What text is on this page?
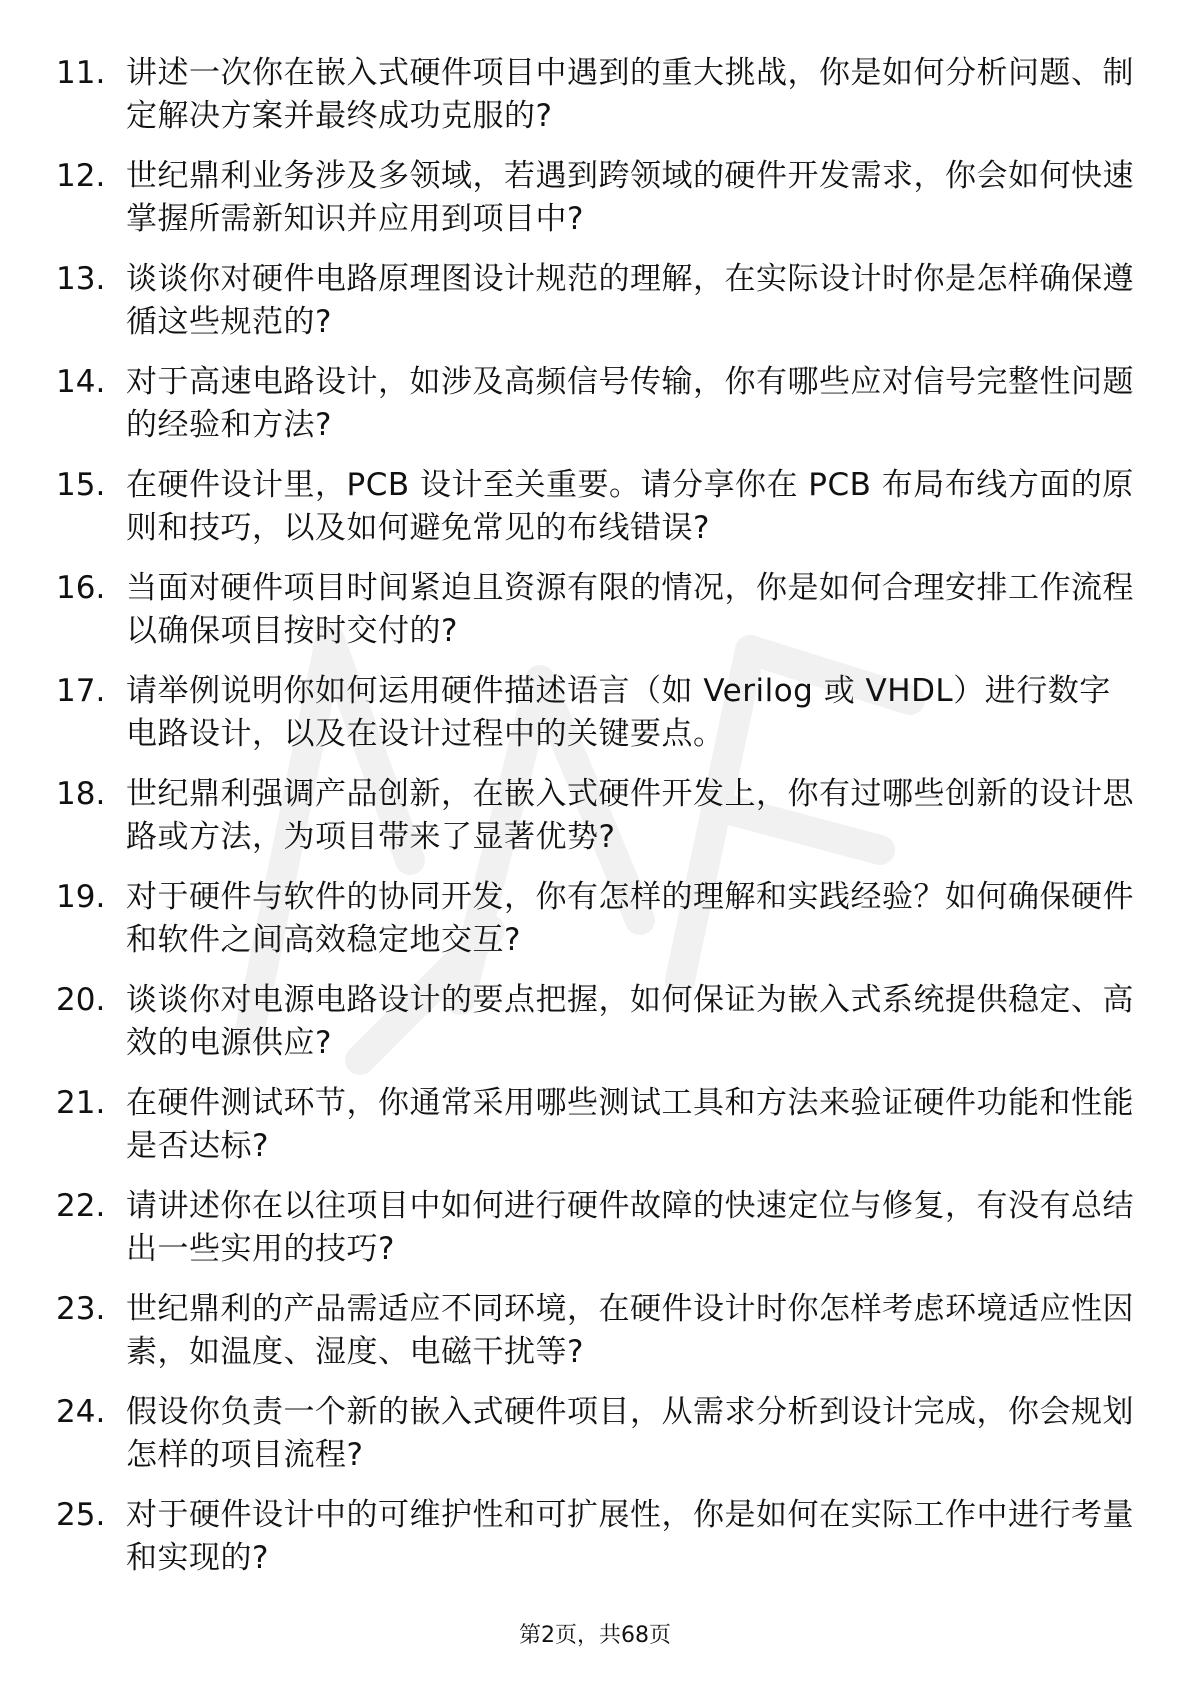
11. 讲述一次你在嵌入式硬件项目中遇到的重大挑战，你是如何分析问题、制定解决方案并最终成功克服的?
12. 世纪鼎利业务涉及多领域，若遇到跨领域的硬件开发需求，你会如何快速掌握所需新知识并应用到项目中?
13. 谈谈你对硬件电路原理图设计规范的理解，在实际设计时你是怎样确保遵循这些规范的?
14. 对于高速电路设计，如涉及高频信号传输，你有哪些应对信号完整性问题的经验和方法?
15. 在硬件设计里，PCB 设计至关重要。请分享你在 PCB 布局布线方面的原则和技巧，以及如何避免常见的布线错误?
16. 当面对硬件项目时间紧迫且资源有限的情况，你是如何合理安排工作流程以确保项目按时交付的?
17. 请举例说明你如何运用硬件描述语言（如 Verilog 或 VHDL）进行数字电路设计，以及在设计过程中的关键要点。
18. 世纪鼎利强调产品创新，在嵌入式硬件开发上，你有过哪些创新的设计思路或方法，为项目带来了显著优势?
19. 对于硬件与软件的协同开发，你有怎样的理解和实践经验？如何确保硬件和软件之间高效稳定地交互?
20. 谈谈你对电源电路设计的要点把握，如何保证为嵌入式系统提供稳定、高效的电源供应?
21. 在硬件测试环节，你通常采用哪些测试工具和方法来验证硬件功能和性能是否达标?
22. 请讲述你在以往项目中如何进行硬件故障的快速定位与修复，有没有总结出一些实用的技巧?
23. 世纪鼎利的产品需适应不同环境，在硬件设计时你怎样考虑环境适应性因素，如温度、湿度、电磁干扰等?
24. 假设你负责一个新的嵌入式硬件项目，从需求分析到设计完成，你会规划怎样的项目流程?
25. 对于硬件设计中的可维护性和可扩展性，你是如何在实际工作中进行考量和实现的?
第2页，共68页
